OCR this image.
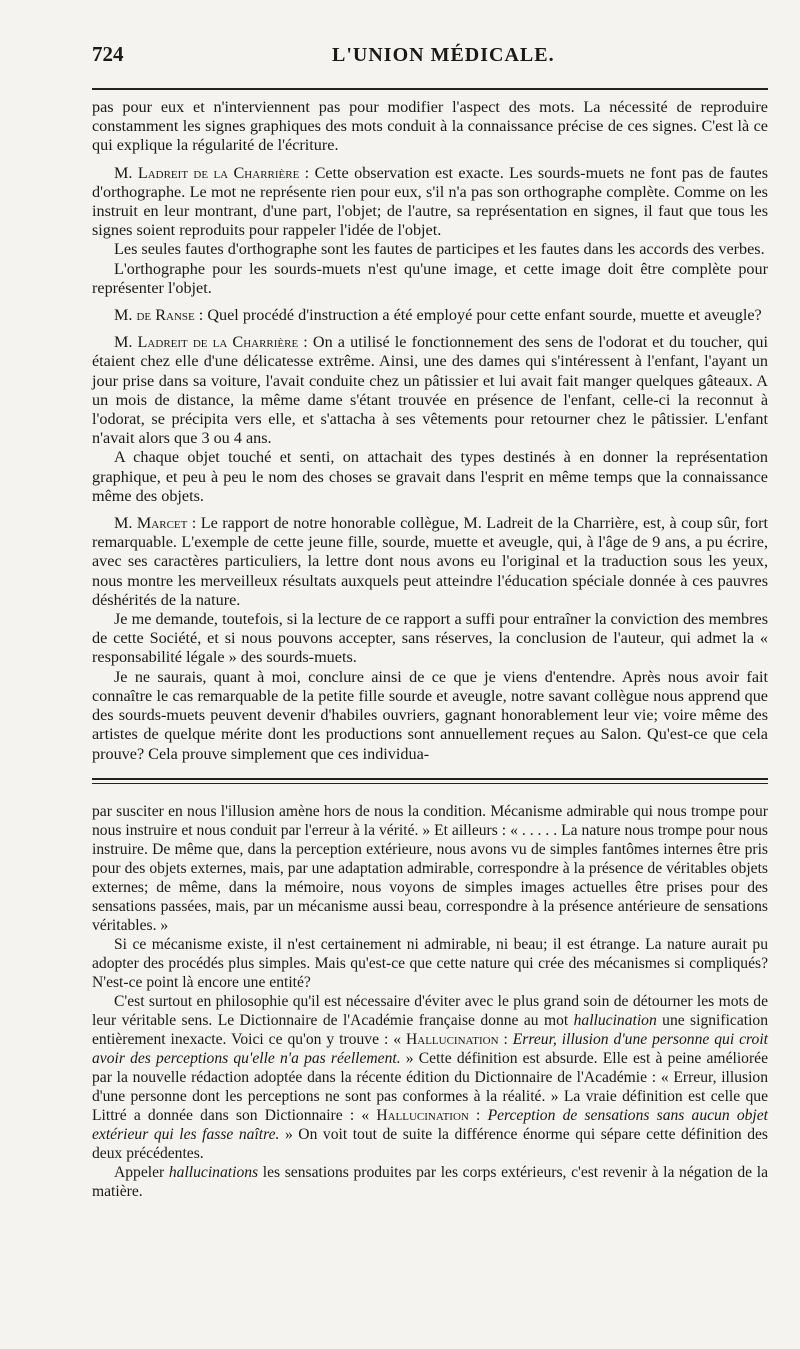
724	L'UNION MÉDICALE.

pas pour eux et n'interviennent pas pour modifier l'aspect des mots. La nécessité de reproduire constamment les signes graphiques des mots conduit à la connaissance précise de ces signes. C'est là ce qui explique la régularité de l'écriture.

M. Ladreit de la Charrière : Cette observation est exacte. Les sourds-muets ne font pas de fautes d'orthographe. Le mot ne représente rien pour eux, s'il n'a pas son orthographe complète. Comme on les instruit en leur montrant, d'une part, l'objet; de l'autre, sa représentation en signes, il faut que tous les signes soient reproduits pour rappeler l'idée de l'objet.

Les seules fautes d'orthographe sont les fautes de participes et les fautes dans les accords des verbes.

L'orthographe pour les sourds-muets n'est qu'une image, et cette image doit être complète pour représenter l'objet.

M. de Ranse : Quel procédé d'instruction a été employé pour cette enfant sourde, muette et aveugle?

M. Ladreit de la Charrière : On a utilisé le fonctionnement des sens de l'odorat et du toucher, qui étaient chez elle d'une délicatesse extrême. Ainsi, une des dames qui s'intéressent à l'enfant, l'ayant un jour prise dans sa voiture, l'avait conduite chez un pâtissier et lui avait fait manger quelques gâteaux. A un mois de distance, la même dame s'étant trouvée en présence de l'enfant, celle-ci la reconnut à l'odorat, se précipita vers elle, et s'attacha à ses vêtements pour retourner chez le pâtissier. L'enfant n'avait alors que 3 ou 4 ans.

A chaque objet touché et senti, on attachait des types destinés à en donner la représentation graphique, et peu à peu le nom des choses se gravait dans l'esprit en même temps que la connaissance même des objets.

M. Marcet : Le rapport de notre honorable collègue, M. Ladreit de la Charrière, est, à coup sûr, fort remarquable. L'exemple de cette jeune fille, sourde, muette et aveugle, qui, à l'âge de 9 ans, a pu écrire, avec ses caractères particuliers, la lettre dont nous avons eu l'original et la traduction sous les yeux, nous montre les merveilleux résultats auxquels peut atteindre l'éducation spéciale donnée à ces pauvres déshérités de la nature.

Je me demande, toutefois, si la lecture de ce rapport a suffi pour entraîner la conviction des membres de cette Société, et si nous pouvons accepter, sans réserves, la conclusion de l'auteur, qui admet la « responsabilité légale » des sourds-muets.

Je ne saurais, quant à moi, conclure ainsi de ce que je viens d'entendre. Après nous avoir fait connaître le cas remarquable de la petite fille sourde et aveugle, notre savant collègue nous apprend que des sourds-muets peuvent devenir d'habiles ouvriers, gagnant honorablement leur vie; voire même des artistes de quelque mérite dont les productions sont annuellement reçues au Salon. Qu'est-ce que cela prouve? Cela prouve simplement que ces individua-

par susciter en nous l'illusion amène hors de nous la condition. Mécanisme admirable qui nous trompe pour nous instruire et nous conduit par l'erreur à la vérité. » Et ailleurs : « . . . . . La nature nous trompe pour nous instruire. De même que, dans la perception extérieure, nous avons vu de simples fantômes internes être pris pour des objets externes, mais, par une adaptation admirable, correspondre à la présence de véritables objets externes; de même, dans la mémoire, nous voyons de simples images actuelles être prises pour des sensations passées, mais, par un mécanisme aussi beau, correspondre à la présence antérieure de sensations véritables. »

Si ce mécanisme existe, il n'est certainement ni admirable, ni beau; il est étrange. La nature aurait pu adopter des procédés plus simples. Mais qu'est-ce que cette nature qui crée des mécanismes si compliqués? N'est-ce point là encore une entité?

C'est surtout en philosophie qu'il est nécessaire d'éviter avec le plus grand soin de détourner les mots de leur véritable sens. Le Dictionnaire de l'Académie française donne au mot hallucination une signification entièrement inexacte. Voici ce qu'on y trouve : « Hallucination : Erreur, illusion d'une personne qui croit avoir des perceptions qu'elle n'a pas réellement. » Cette définition est absurde. Elle est à peine améliorée par la nouvelle rédaction adoptée dans la récente édition du Dictionnaire de l'Académie : « Erreur, illusion d'une personne dont les perceptions ne sont pas conformes à la réalité. » La vraie définition est celle que Littré a donnée dans son Dictionnaire : « Hallucination : Perception de sensations sans aucun objet extérieur qui les fasse naître. » On voit tout de suite la différence énorme qui sépare cette définition des deux précédentes.

Appeler hallucinations les sensations produites par les corps extérieurs, c'est revenir à la négation de la matière.
